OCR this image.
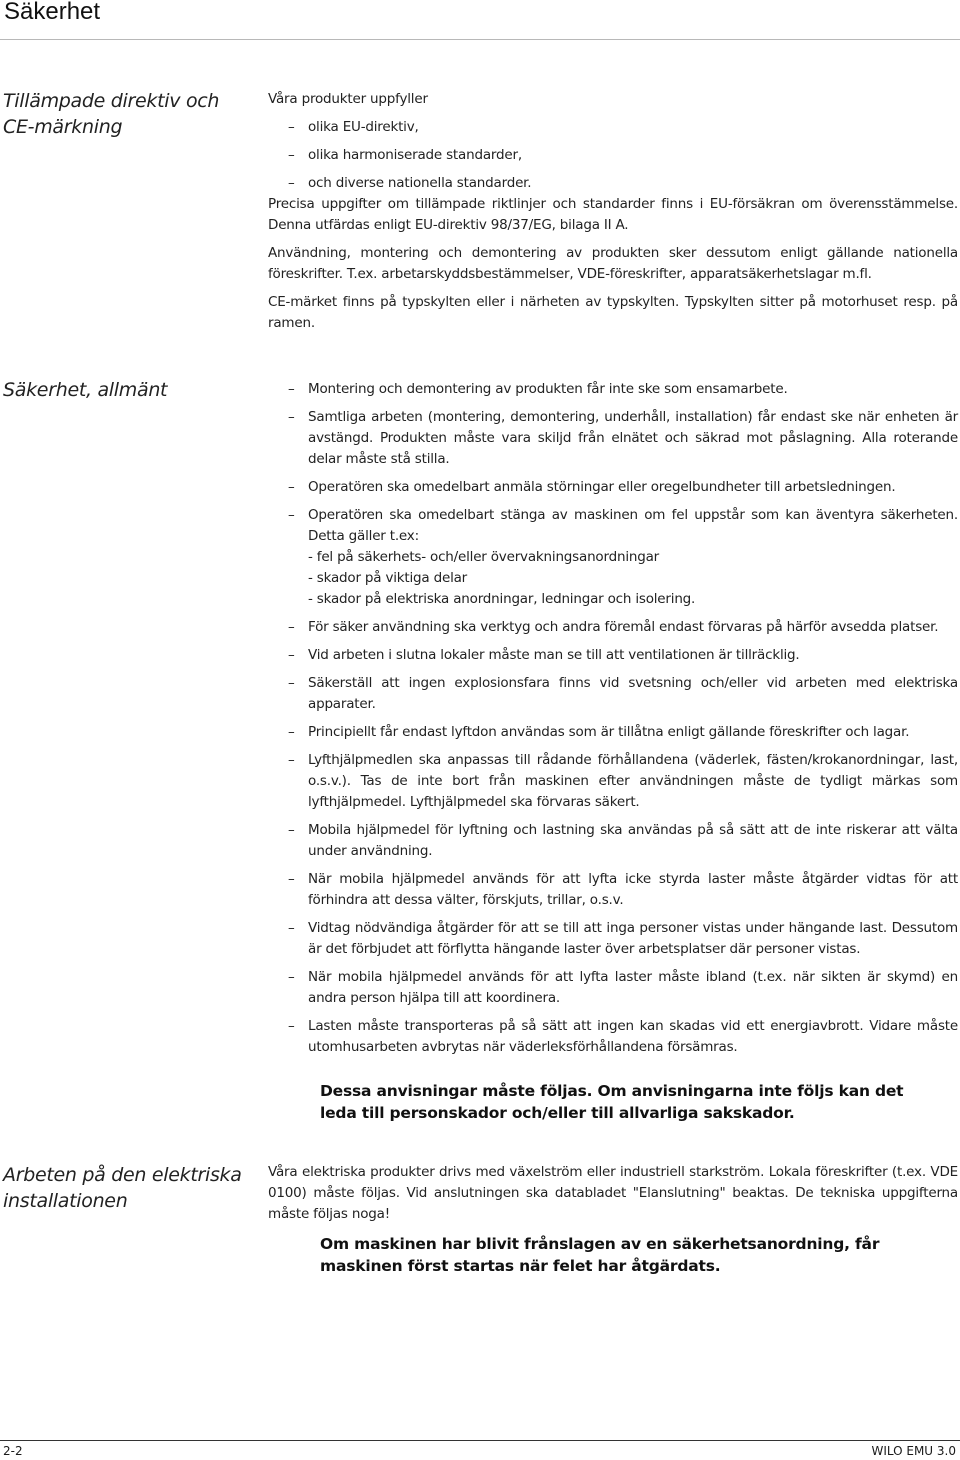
Säkerhet
Tillämpade direktiv och
CE-märkning

Våra produkter uppfyller

– olika EU-direktiv,
– olika harmoniserade standarder,
– och diverse nationella standarder.

Precisa uppgifter om tillämpade riktlinjer och standarder finns i EU-försäkran om överensstämmelse. Denna utfärdas enligt EU-direktiv 98/37/EG, bilaga II A.

Användning, montering och demontering av produkten sker dessutom enligt gällande nationella föreskrifter. T.ex. arbetarskyddsbestämmelser, VDE-föreskrifter, apparatsäkerhetslagar m.fl.

CE-märket finns på typskylten eller i närheten av typskylten. Typskylten sitter på motorhuset resp. på ramen.

Säkerhet, allmänt	– Montering och demontering av produkten får inte ske som ensamarbete.
– Samtliga arbeten (montering, demontering, underhåll, installation) får endast ske när enheten är avstängd. Produkten måste vara skiljd från elnätet och säkrad mot påslagning. Alla roterande delar måste stå stilla.
– Operatören ska omedelbart anmäla störningar eller oregelbundheter till arbetsledningen.
– Operatören ska omedelbart stänga av maskinen om fel uppstår som kan äventyra säkerheten. Detta gäller t.ex:

- fel på säkerhets- och/eller övervakningsanordningar

- skador på viktiga delar

- skador på elektriska anordningar, ledningar och isolering.

– För säker användning ska verktyg och andra föremål endast förvaras på härför avsedda platser.
– Vid arbeten i slutna lokaler måste man se till att ventilationen är tillräcklig.
– Säkerställ att ingen explosionsfara finns vid svetsning och/eller vid arbeten med elektriska apparater.
– Principiellt får endast lyftdon användas som är tillåtna enligt gällande föreskrifter och lagar.
– Lyfthjälpmedlen ska anpassas till rådande förhållandena (väderlek, fästen/krokanordningar, last, o.s.v.). Tas de inte bort från maskinen efter användningen måste de tydligt märkas som lyfthjälpmedel. Lyfthjälpmedel ska förvaras säkert.
– Mobila hjälpmedel för lyftning och lastning ska användas på så sätt att de inte riskerar att välta under användning.
– När mobila hjälpmedel används för att lyfta icke styrda laster måste åtgärder vidtas för att förhindra att dessa välter, förskjuts, trillar, o.s.v.
– Vidtag nödvändiga åtgärder för att se till att inga personer vistas under hängande last. Dessutom är det förbjudet att förflytta hängande laster över arbetsplatser där personer vistas.
– När mobila hjälpmedel används för att lyfta laster måste ibland (t.ex. när sikten är skymd) en andra person hjälpa till att koordinera.
– Lasten måste transporteras på så sätt att ingen kan skadas vid ett energiavbrott. Vidare måste utomhusarbeten avbrytas när väderleksförhållandena försämras.

Dessa anvisningar måste följas. Om anvisningarna inte följs kan det leda till personskador och/eller till allvarliga sakskador.

Arbeten på den elektriska
installationen

Våra elektriska produkter drivs med växelström eller industriell starkström. Lokala föreskrifter (t.ex. VDE 0100) måste följas. Vid anslutningen ska databladet "Elanslutning" beaktas. De tekniska uppgifterna måste följas noga!

Om maskinen har blivit frånslagen av en säkerhetsanordning, får maskinen först startas när felet har åtgärdats.

2-2	WILO EMU 3.0
